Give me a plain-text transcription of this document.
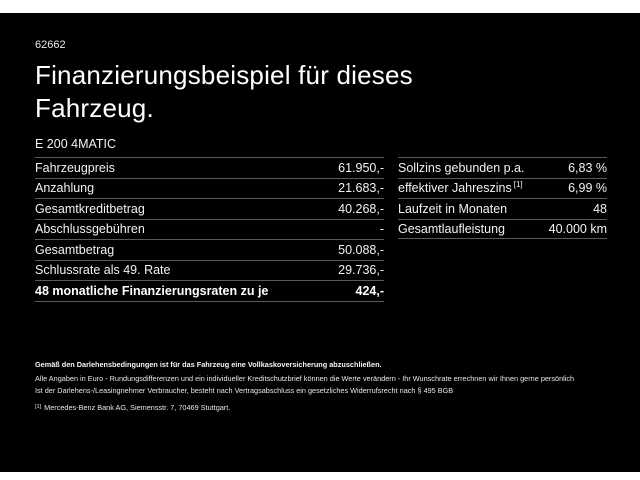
62662
Finanzierungsbeispiel für dieses
Fahrzeug.
E 200 4MATIC
Fahrzeugpreis	61.950,-
Anzahlung	21.683,-
Gesamtkreditbetrag	40.268,-
Abschlussgebühren	-
Gesamtbetrag	50.088,-
Schlussrate als 49. Rate	29.736,-
48 monatliche Finanzierungsraten zu je	424,-
Sollzins gebunden p.a.	6,83 %
effektiver Jahreszins [1]	6,99 %
Laufzeit in Monaten	48
Gesamtlaufleistung	40.000 km
Gemäß den Darlehensbedingungen ist für das Fahrzeug eine Vollkaskoversicherung abzuschließen.
Alle Angaben in Euro - Rundungsdifferenzen und ein individueller Kreditschutzbrief können die Werte verändern - Ihr Wunschrate errechnen wir Ihnen gerne persönlich
Ist der Darlehens-/Leasingnehmer Verbraucher, besteht nach Vertragsabschluss ein gesetzliches Widerrufsrecht nach § 495 BGB
[1] Mercedes-Benz Bank AG, Siemensstr. 7, 70469 Stuttgart.
